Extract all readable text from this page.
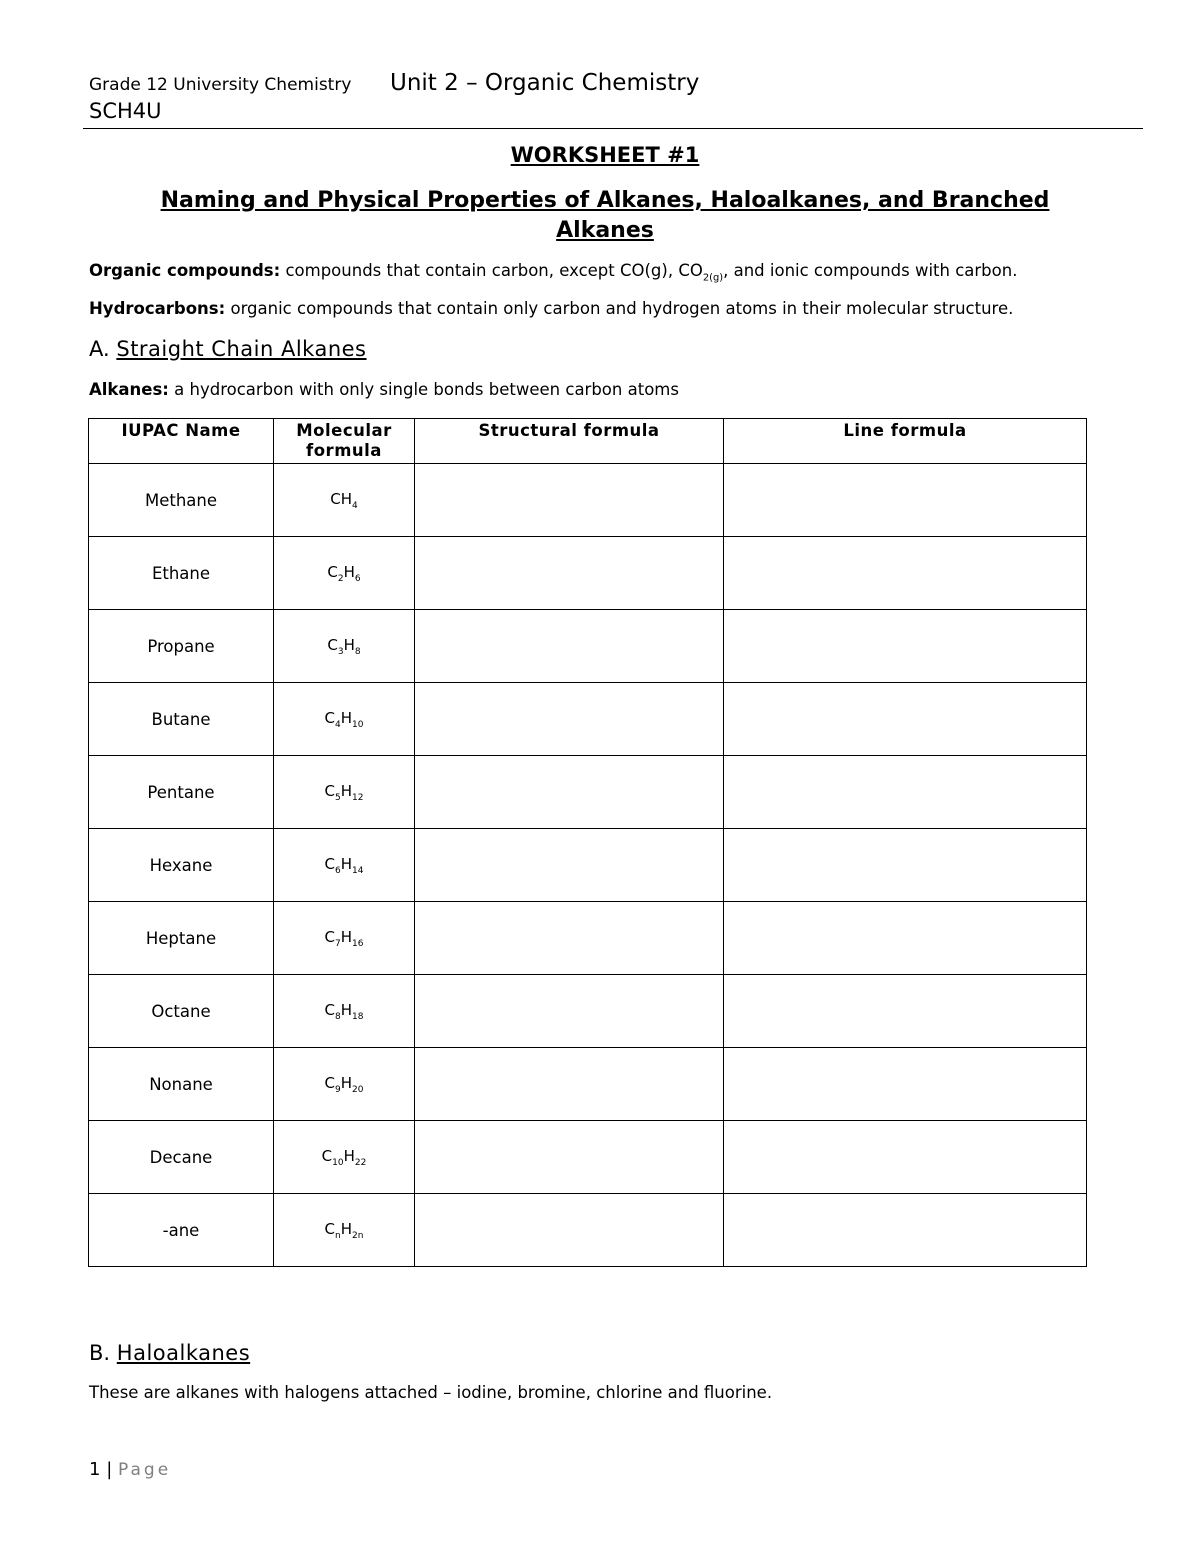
Grade 12 University Chemistry Unit 2 – Organic Chemistry
SCH4U
WORKSHEET #1
Naming and Physical Properties of Alkanes, Haloalkanes, and Branched Alkanes
Organic compounds: compounds that contain carbon, except CO(g), $CO_{2(g)}$, and ionic compounds with carbon.
Hydrocarbons: organic compounds that contain only carbon and hydrogen atoms in their molecular structure.
A. Straight Chain Alkanes
Alkanes: a hydrocarbon with only single bonds between carbon atoms
IUPAC Name	Molecular formula	Structural formula	Line formula
Methane	$CH_4$		
Ethane	$C_2H_6$		
Propane	$C_3H_8$		
Butane	$C_4H_{10}$		
Pentane	$C_5H_{12}$		
Hexane	$C_6H_{14}$		
Heptane	$C_7H_{16}$		
Octane	$C_8H_{18}$		
Nonane	$C_9H_{20}$		
Decane	$C_{10}H_{22}$		
-ane	$C_nH_{2n}$		
B. Haloalkanes
These are alkanes with halogens attached – iodine, bromine, chlorine and fluorine.
1 | Page
